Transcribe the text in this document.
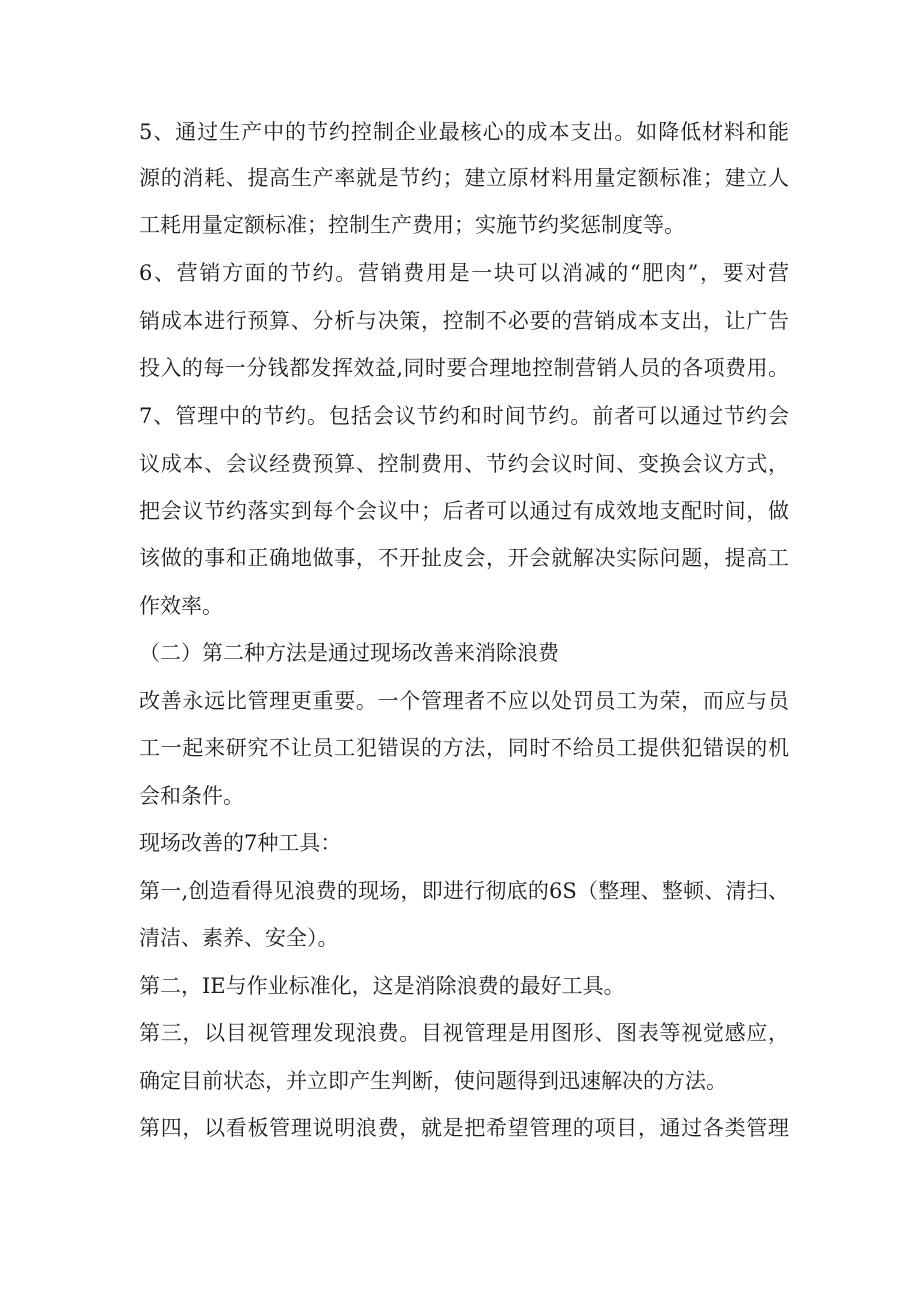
5、通过生产中的节约控制企业最核心的成本支出。如降低材料和能
源的消耗、提高生产率就是节约；建立原材料用量定额标准；建立人
工耗用量定额标准；控制生产费用；实施节约奖惩制度等。
6、营销方面的节约。营销费用是一块可以消减的“肥肉”，要对营
销成本进行预算、分析与决策，控制不必要的营销成本支出，让广告
投入的每一分钱都发挥效益,同时要合理地控制营销人员的各项费用。
7、管理中的节约。包括会议节约和时间节约。前者可以通过节约会
议成本、会议经费预算、控制费用、节约会议时间、变换会议方式，
把会议节约落实到每个会议中；后者可以通过有成效地支配时间，做
该做的事和正确地做事，不开扯皮会，开会就解决实际问题，提高工
作效率。
（二）第二种方法是通过现场改善来消除浪费
改善永远比管理更重要。一个管理者不应以处罚员工为荣，而应与员
工一起来研究不让员工犯错误的方法，同时不给员工提供犯错误的机
会和条件。
现场改善的7种工具：
第一,创造看得见浪费的现场，即进行彻底的6S（整理、整顿、清扫、
清洁、素养、安全）。
第二，IE与作业标准化，这是消除浪费的最好工具。
第三，以目视管理发现浪费。目视管理是用图形、图表等视觉感应，
确定目前状态，并立即产生判断，使问题得到迅速解决的方法。
第四，以看板管理说明浪费，就是把希望管理的项目，通过各类管理
